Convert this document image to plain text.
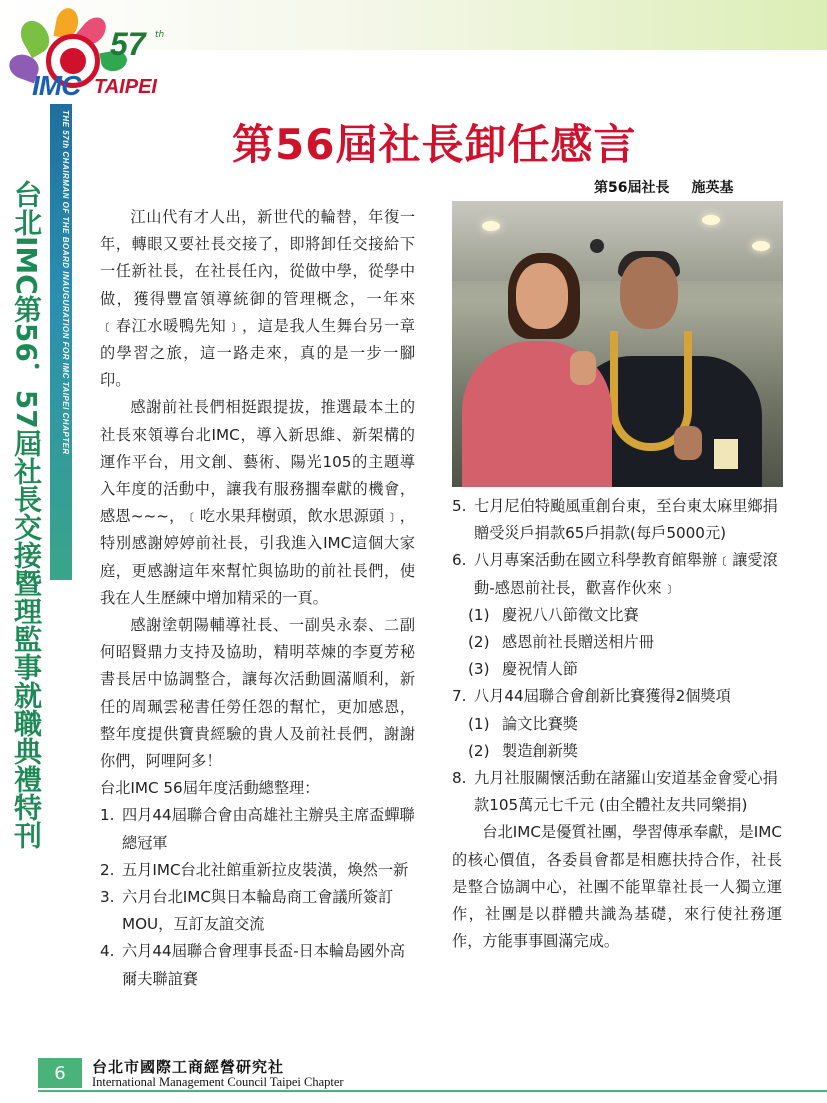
57 th
IMC TAIPEI
THE 57th CHAIRMAN OF THE BOARD INAUGURATION FOR IMC TAIPEI CHAPTER
台北IMC第56．57屆社長交接暨理監事就職典禮特刊
第56屆社長卸任感言
第56屆社長 施英基

江山代有才人出，新世代的輪替，年復一年，轉眼又要社長交接了，即將卸任交接給下一任新社長，在社長任內，從做中學，從學中做，獲得豐富領導統御的管理概念，一年來﹝春江水暖鴨先知﹞，這是我人生舞台另一章的學習之旅，這一路走來，真的是一步一腳印。

感謝前社長們相挺跟提拔，推選最本土的社長來領導台北IMC，導入新思維、新架構的運作平台，用文創、藝術、陽光105的主題導入年度的活動中，讓我有服務擱奉獻的機會，感恩~~~，﹝吃水果拜樹頭，飲水思源頭﹞，特別感謝婷婷前社長，引我進入IMC這個大家庭，更感謝這年來幫忙與協助的前社長們，使我在人生歷練中增加精采的一頁。

感謝塗朝陽輔導社長、一副吳永泰、二副何昭賢鼎力支持及協助，精明萃煉的李夏芳秘書長居中協調整合，讓每次活動圓滿順利，新任的周珮雲秘書任勞任怨的幫忙，更加感恩，整年度提供寶貴經驗的貴人及前社長們，謝謝你們，阿哩阿多！

台北IMC 56屆年度活動總整理：
1. 四月44屆聯合會由高雄社主辦吳主席盃蟬聯總冠軍
2. 五月IMC台北社館重新拉皮裝潢，煥然一新
3. 六月台北IMC與日本輪島商工會議所簽訂MOU，互訂友誼交流
4. 六月44屆聯合會理事長盃-日本輪島國外高爾夫聯誼賽
5. 七月尼伯特颱風重創台東，至台東太麻里鄉捐贈受災戶捐款65戶捐款(每戶5000元)
6. 八月專案活動在國立科學教育館舉辦﹝讓愛滾動-感恩前社長，歡喜作伙來﹞
(1) 慶祝八八節徵文比賽
(2) 感恩前社長贈送相片冊
(3) 慶祝情人節
7. 八月44屆聯合會創新比賽獲得2個獎項
(1) 論文比賽獎
(2) 製造創新獎
8. 九月社服關懷活動在諸羅山安道基金會愛心捐款105萬元七千元 (由全體社友共同樂捐)

台北IMC是優質社團，學習傳承奉獻，是IMC的核心價值，各委員會都是相應扶持合作，社長是整合協調中心，社團不能單靠社長一人獨立運作，社團是以群體共識為基礎，來行使社務運作，方能事事圓滿完成。

6	台北市國際工商經營研究社
International Management Council Taipei Chapter
